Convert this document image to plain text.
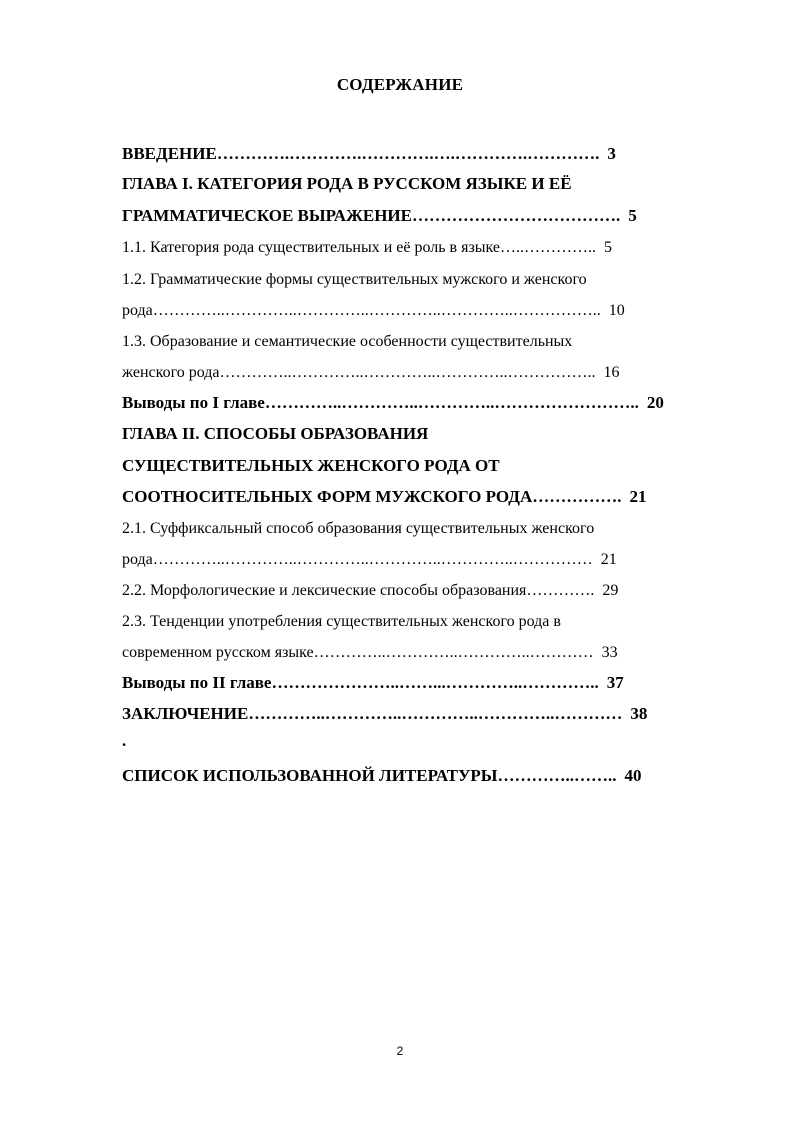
СОДЕРЖАНИЕ
ВВЕДЕНИЕ………….………….………….….………….…………. 3
ГЛАВА I. КАТЕГОРИЯ РОДА В РУССКОМ ЯЗЫКЕ И ЕЁ
ГРАММАТИЧЕСКОЕ ВЫРАЖЕНИЕ………………………………. 5
1.1. Категория рода существительных и её роль в языке…..………….. 5
1.2. Грамматические формы существительных мужского и женского
рода…………..…………..…………..…………..…………..…………….. 10
1.3. Образование и семантические особенности существительных
женского рода…………..…………..…………..…………..…………….. 16
Выводы по I главе…………..…………..…………..…………………….. 20
ГЛАВА II. СПОСОБЫ ОБРАЗОВАНИЯ
СУЩЕСТВИТЕЛЬНЫХ ЖЕНСКОГО РОДА ОТ
СООТНОСИТЕЛЬНЫХ ФОРМ МУЖСКОГО РОДА……………. 21
2.1. Суффиксальный способ образования существительных женского
рода…………..…………..…………..…………..…………..…………… 21
2.2. Морфологические и лексические способы образования…………. 29
2.3. Тенденции употребления существительных женского рода в
современном русском языке…………..…………..…………..………… 33
Выводы по II главе…………………..……...…………..………….. 37
ЗАКЛЮЧЕНИЕ…………..…………..…………..…………..………… 38
.
СПИСОК ИСПОЛЬЗОВАННОЙ ЛИТЕРАТУРЫ…………..…….. 40
2
